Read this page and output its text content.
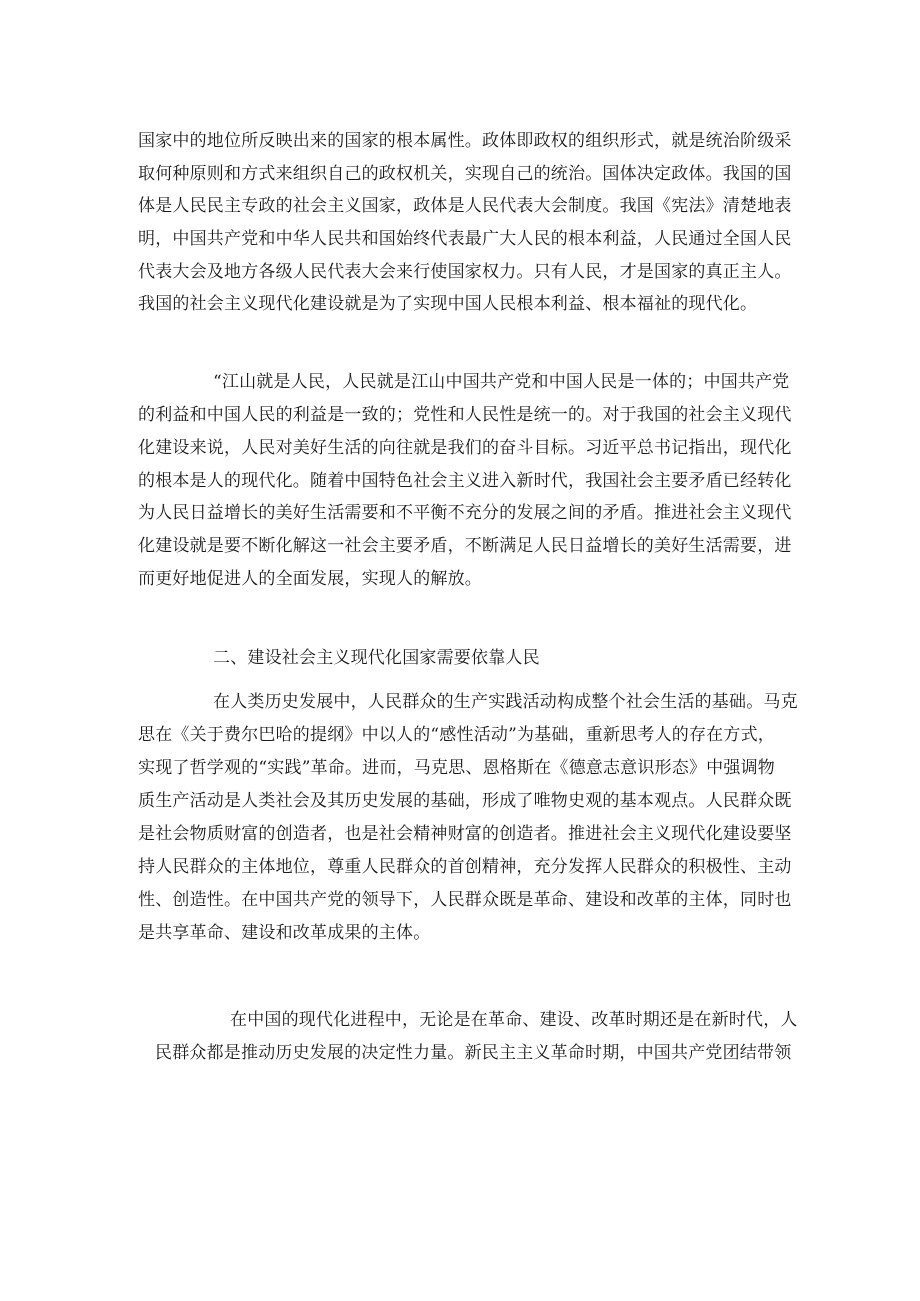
国家中的地位所反映出来的国家的根本属性。政体即政权的组织形式，就是统治阶级采
取何种原则和方式来组织自己的政权机关，实现自己的统治。国体决定政体。我国的国
体是人民民主专政的社会主义国家，政体是人民代表大会制度。我国《宪法》清楚地表
明，中国共产党和中华人民共和国始终代表最广大人民的根本利益，人民通过全国人民
代表大会及地方各级人民代表大会来行使国家权力。只有人民，才是国家的真正主人。
我国的社会主义现代化建设就是为了实现中国人民根本利益、根本福祉的现代化。
“江山就是人民，人民就是江山中国共产党和中国人民是一体的；中国共产党
的利益和中国人民的利益是一致的；党性和人民性是统一的。对于我国的社会主义现代
化建设来说，人民对美好生活的向往就是我们的奋斗目标。习近平总书记指出，现代化
的根本是人的现代化。随着中国特色社会主义进入新时代，我国社会主要矛盾已经转化
为人民日益增长的美好生活需要和不平衡不充分的发展之间的矛盾。推进社会主义现代
化建设就是要不断化解这一社会主要矛盾，不断满足人民日益增长的美好生活需要，进
而更好地促进人的全面发展，实现人的解放。
二、建设社会主义现代化国家需要依靠人民
在人类历史发展中，人民群众的生产实践活动构成整个社会生活的基础。马克
思在《关于费尔巴哈的提纲》中以人的“感性活动”为基础，重新思考人的存在方式，
实现了哲学观的“实践”革命。进而，马克思、恩格斯在《德意志意识形态》中强调物
质生产活动是人类社会及其历史发展的基础，形成了唯物史观的基本观点。人民群众既
是社会物质财富的创造者，也是社会精神财富的创造者。推进社会主义现代化建设要坚
持人民群众的主体地位，尊重人民群众的首创精神，充分发挥人民群众的积极性、主动
性、创造性。在中国共产党的领导下，人民群众既是革命、建设和改革的主体，同时也
是共享革命、建设和改革成果的主体。
在中国的现代化进程中，无论是在革命、建设、改革时期还是在新时代，人
民群众都是推动历史发展的决定性力量。新民主主义革命时期，中国共产党团结带领
